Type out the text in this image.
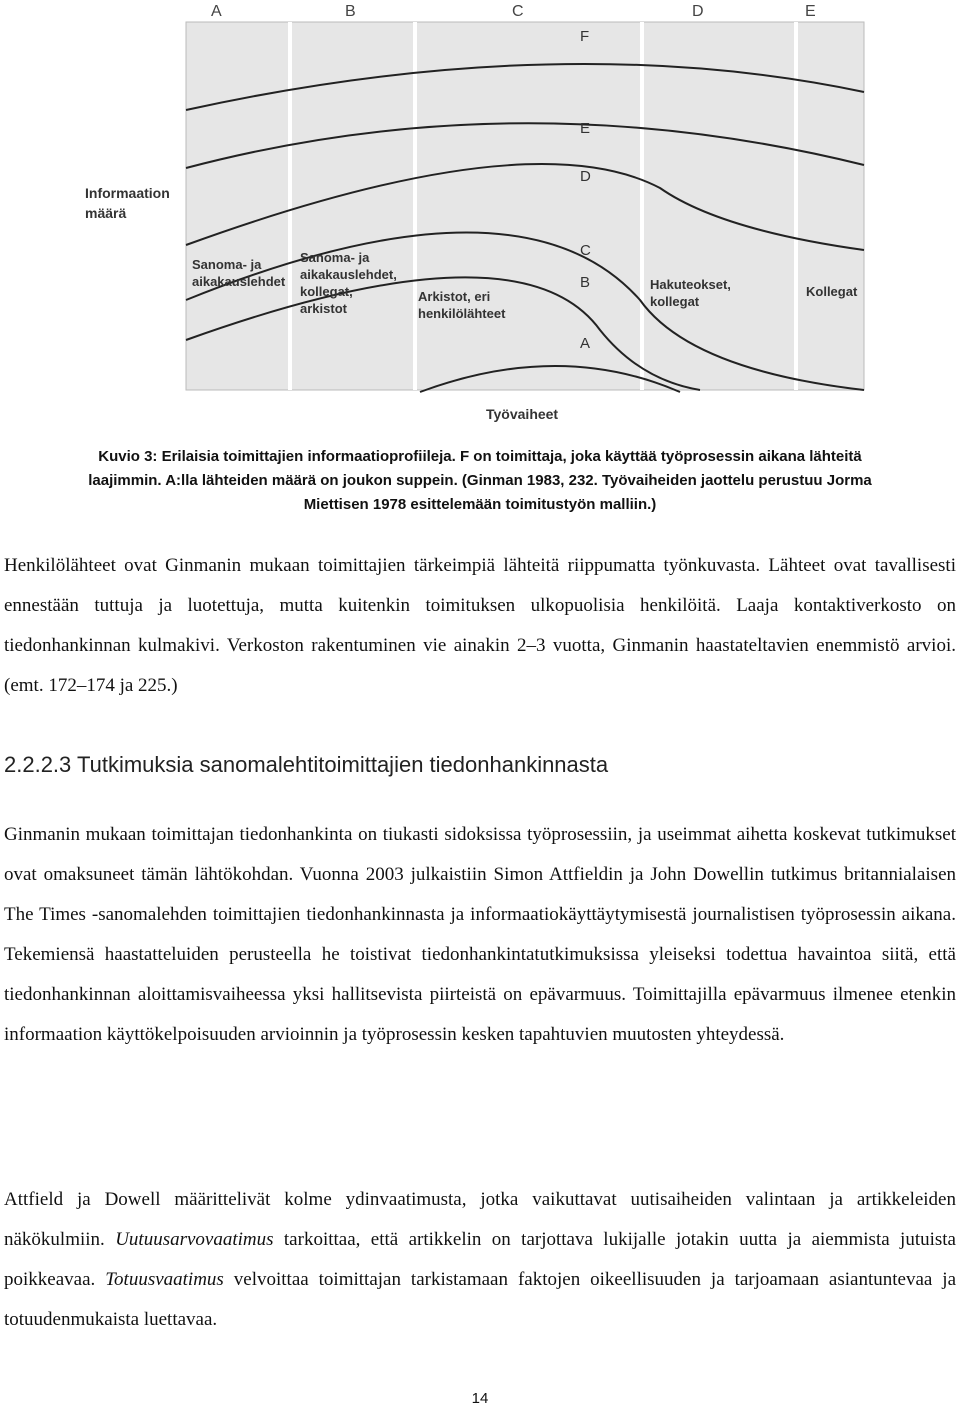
A	B	C	D	E
Informaation
määrä
Työvaiheet
F
E
D
C
B
A
Sanoma- ja
aikakauslehdet
Sanoma- ja
aikakauslehdet,
kollegat,
arkistot
Arkistot, eri
henkilölähteet
Hakuteokset,
kollegat
Kollegat

Kuvio 3: Erilaisia toimittajien informaatioprofiileja. F on toimittaja, joka käyttää työprosessin aikana lähteitä

laajimmin. A:lla lähteiden määrä on joukon suppein. (Ginman 1983, 232. Työvaiheiden jaottelu perustuu Jorma

Miettisen 1978 esittelemään toimitustyön malliin.)

Henkilölähteet ovat Ginmanin mukaan toimittajien tärkeimpiä lähteitä riippumatta työnkuvasta. Lähteet ovat tavallisesti ennestään tuttuja ja luotettuja, mutta kuitenkin toimituksen ulkopuolisia henkilöitä. Laaja kontaktiverkosto on tiedonhankinnan kulmakivi. Verkoston rakentuminen vie ainakin 2–3 vuotta, Ginmanin haastateltavien enemmistö arvioi. (emt. 172–174 ja 225.)

2.2.2.3 Tutkimuksia sanomalehtitoimittajien tiedonhankinnasta

Ginmanin mukaan toimittajan tiedonhankinta on tiukasti sidoksissa työprosessiin, ja useimmat aihetta koskevat tutkimukset ovat omaksuneet tämän lähtökohdan. Vuonna 2003 julkaistiin Simon Attfieldin ja John Dowellin tutkimus britannialaisen The Times -sanomalehden toimittajien tiedonhankinnasta ja informaatiokäyttäytymisestä journalistisen työprosessin aikana. Tekemiensä haastatteluiden perusteella he toistivat tiedonhankintatutkimuksissa yleiseksi todettua havaintoa siitä, että tiedonhankinnan aloittamisvaiheessa yksi hallitsevista piirteistä on epävarmuus. Toimittajilla epävarmuus ilmenee etenkin informaation käyttökelpoisuuden arvioinnin ja työprosessin kesken tapahtuvien muutosten yhteydessä.

Attfield ja Dowell määrittelivät kolme ydinvaatimusta, jotka vaikuttavat uutisaiheiden valintaan ja artikkeleiden näkökulmiin. Uutuusarvovaatimus tarkoittaa, että artikkelin on tarjottava lukijalle jotakin uutta ja aiemmista jutuista poikkeavaa. Totuusvaatimus velvoittaa toimittajan tarkistamaan faktojen oikeellisuuden ja tarjoamaan asiantuntevaa ja totuudenmukaista luettavaa.

14
